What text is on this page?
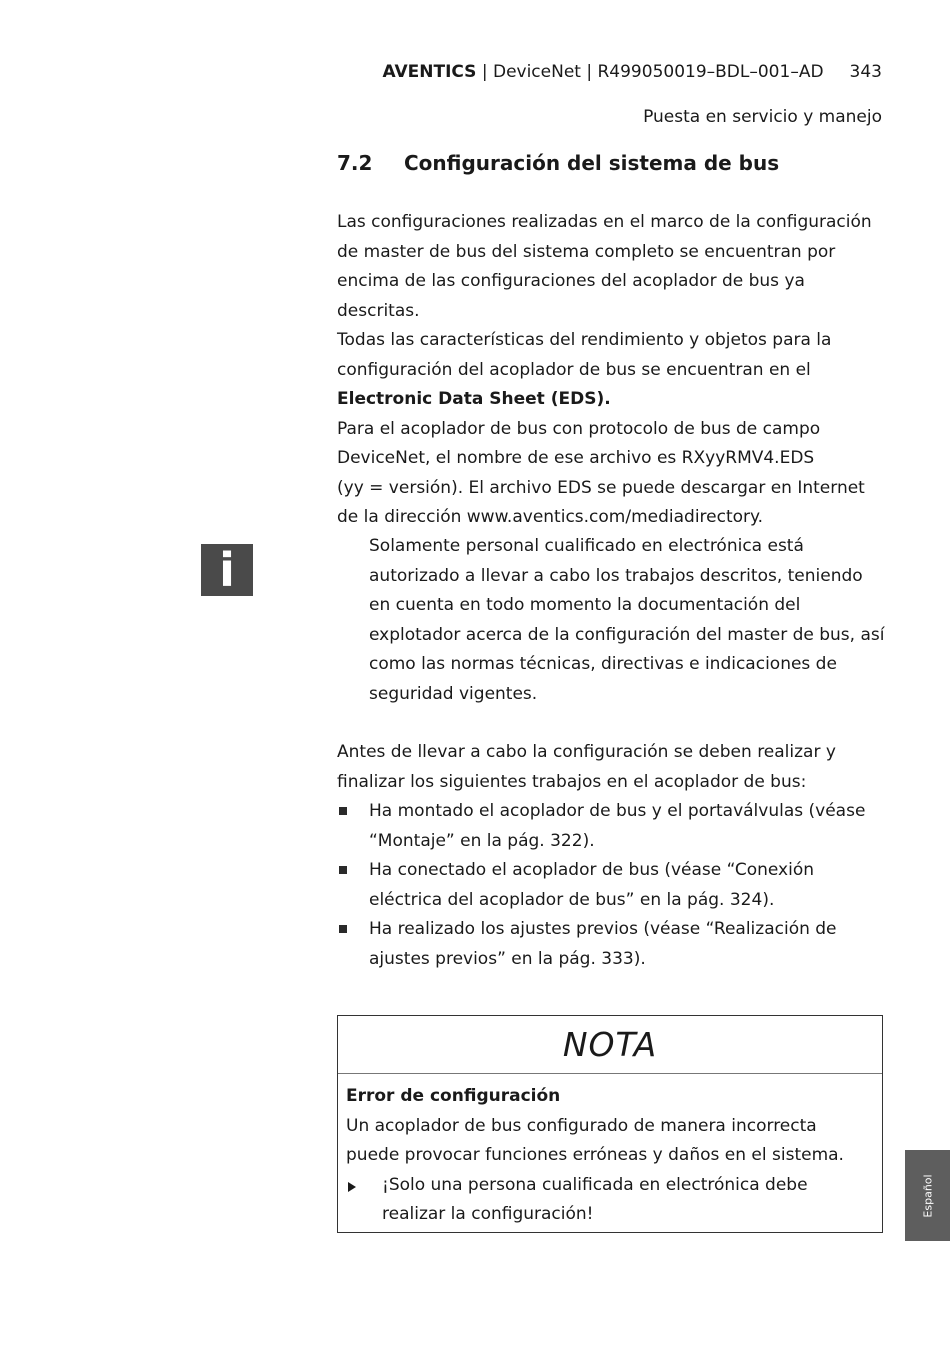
AVENTICS | DeviceNet | R499050019–BDL–001–AD 343
Puesta en servicio y manejo
7.2 Configuración del sistema de bus

Las configuraciones realizadas en el marco de la configuración de master de bus del sistema completo se encuentran por encima de las configuraciones del acoplador de bus ya descritas.

Todas las características del rendimiento y objetos para la configuración del acoplador de bus se encuentran en el

Electronic Data Sheet (EDS).

Para el acoplador de bus con protocolo de bus de campo DeviceNet, el nombre de ese archivo es RXyyRMV4.EDS

(yy = versión). El archivo EDS se puede descargar en Internet de la dirección www.aventics.com/mediadirectory.

i	Solamente personal cualificado en electrónica está autorizado a llevar a cabo los trabajos descritos, teniendo en cuenta en todo momento la documentación del explotador acerca de la configuración del master de bus, así como las normas técnicas, directivas e indicaciones de seguridad vigentes.
Antes de llevar a cabo la configuración se deben realizar y finalizar los siguientes trabajos en el acoplador de bus:
Ha montado el acoplador de bus y el portaválvulas (véase “Montaje” en la pág. 322).
Ha conectado el acoplador de bus (véase “Conexión eléctrica del acoplador de bus” en la pág. 324).
Ha realizado los ajustes previos (véase “Realización de ajustes previos” en la pág. 333).
NOTA

Error de configuración

Un acoplador de bus configurado de manera incorrecta puede provocar funciones erróneas y daños en el sistema.

¡Solo una persona cualificada en electrónica debe realizar la configuración!	Español
